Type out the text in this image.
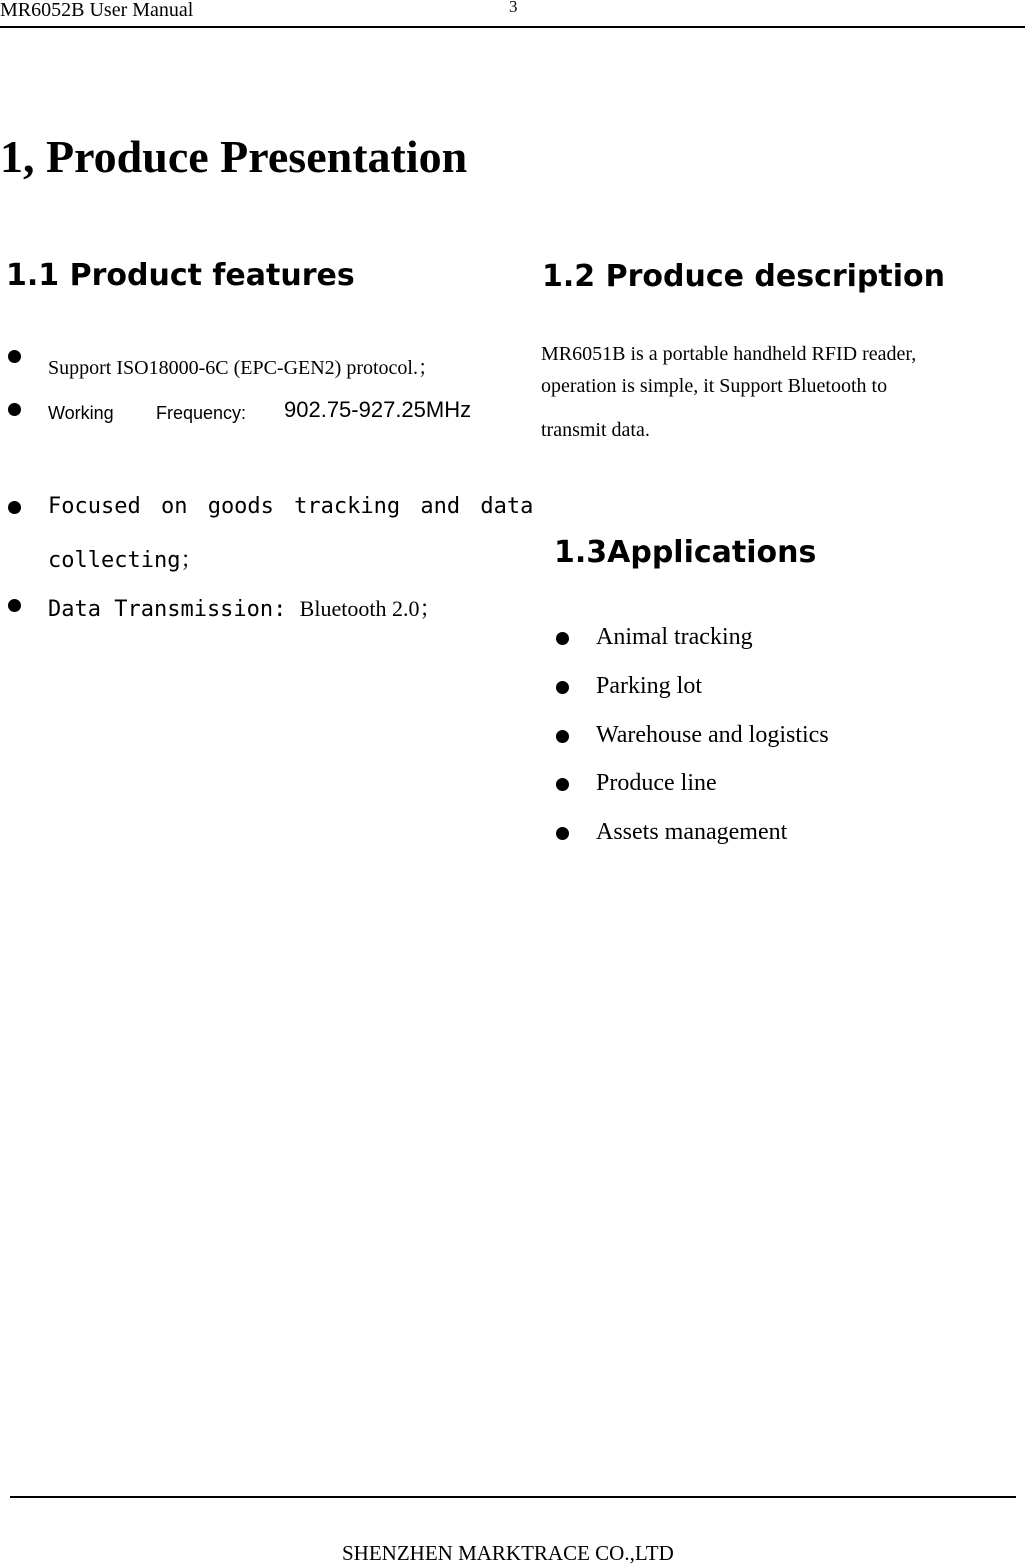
MR6052B User Manual	3
1, Produce Presentation
1.1 Product features
Support ISO18000-6C (EPC-GEN2) protocol.；
Working Frequency: 902.75-927.25MHz
Focused on goods tracking and data
collecting；
Data Transmission: Bluetooth 2.0；
1.2 Produce description
MR6051B is a portable handheld RFID reader,
operation is simple, it Support Bluetooth to
transmit data.
1.3Applications
Animal tracking
Parking lot
Warehouse and logistics
Produce line
Assets management
SHENZHEN MARKTRACE CO.,LTD
